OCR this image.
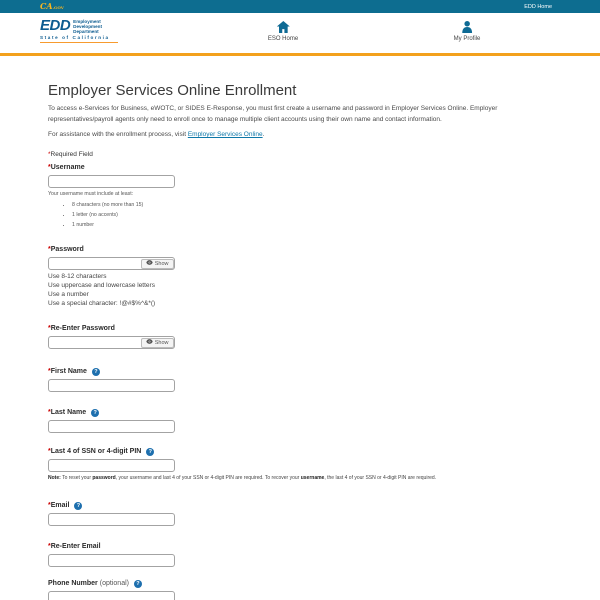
CA.GOV	EDD Home
EDD Employment
Development
Department
State of California	ESO Home	My Profile
Employer Services Online Enrollment

To access e-Services for Business, eWOTC, or SIDES E-Response, you must first create a username and password in Employer Services Online. Employer representatives/payroll agents only need to enroll once to manage multiple client accounts using their own name and contact information.

For assistance with the enrollment process, visit Employer Services Online.

*Required Field

* Username
Your username must include at least:
• 8 characters (no more than 15)
• 1 letter (no accents)
• 1 number
* Password
Show
Use 8-12 characters
Use uppercase and lowercase letters
Use a number
Use a special character: !@#$%^&*()
* Re-Enter Password
Show
* First Name	?
* Last Name	?
* Last 4 of SSN or 4-digit PIN	?
Note: To reset your password, your username and last 4 of your SSN or 4-digit PIN are required. To recover your username, the last 4 of your SSN or 4-digit PIN are required.
* Email	?
* Re-Enter Email
Phone Number (optional)	?
